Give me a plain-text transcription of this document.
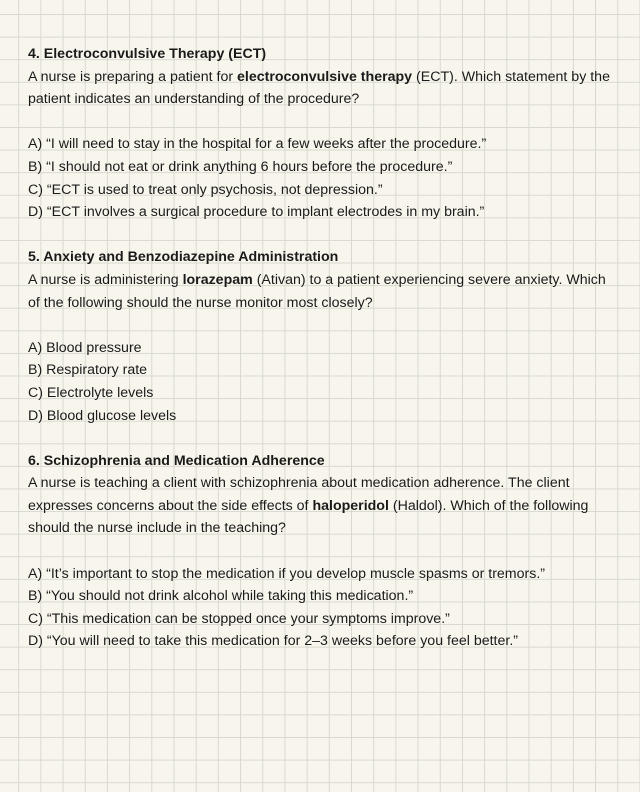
4. Electroconvulsive Therapy (ECT)

A nurse is preparing a patient for electroconvulsive therapy (ECT). Which statement by the patient indicates an understanding of the procedure?

A) “I will need to stay in the hospital for a few weeks after the procedure.”
B) “I should not eat or drink anything 6 hours before the procedure.”
C) “ECT is used to treat only psychosis, not depression.”
D) “ECT involves a surgical procedure to implant electrodes in my brain.”

5. Anxiety and Benzodiazepine Administration

A nurse is administering lorazepam (Ativan) to a patient experiencing severe anxiety. Which of the following should the nurse monitor most closely?

A) Blood pressure
B) Respiratory rate
C) Electrolyte levels
D) Blood glucose levels

6. Schizophrenia and Medication Adherence

A nurse is teaching a client with schizophrenia about medication adherence. The client expresses concerns about the side effects of haloperidol (Haldol). Which of the following should the nurse include in the teaching?

A) “It’s important to stop the medication if you develop muscle spasms or tremors.”
B) “You should not drink alcohol while taking this medication.”
C) “This medication can be stopped once your symptoms improve.”
D) “You will need to take this medication for 2–3 weeks before you feel better.”
